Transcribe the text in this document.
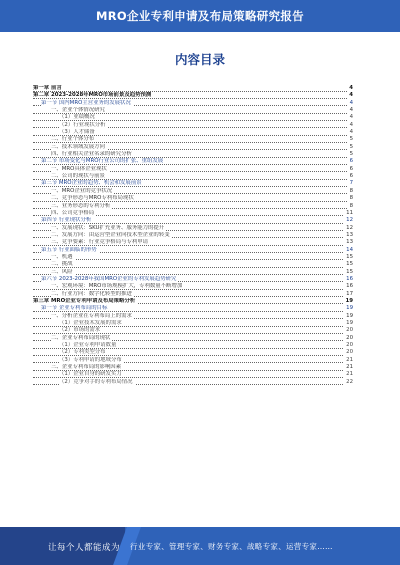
MRO企业专利申请及布局策略研究报告
内容目录
第一章 前言	4
第二章 2023-2028年MRO市场前景及趋势预测	4
第一节 国内MRO主营业务的发展状况	4
一、企业个体情况研究	4
（1）业绩概况	4
（2）行业现状分析	4
（3）人才储备	4
二、行业个体分布	5
三、技术领域发展方向	5
四、行业相关企业名录的研究分析	5
第二节 市场变化与MRO行业公司的扩张、重组发展	6
一、MRO具体企业现状	6
二、公司的现状与前景	6
第三节 MRO企业的趋势、机会和发展前景	7
一、MRO企业的竞争状况	8
二、竞争形态与MRO专利布局现状	8
三、业务形态的专利分析	8
四、公司竞争格局	11
第四节 行业现状分析	12
一、发展现状：SKU扩充业务、服务能力的提升	12
二、发展方向：由运营型企业向技术型企业的转变	13
三、竞争要素：行业竞争格局与专利申请	13
第五节 行业面临的形势	14
一、机遇	15
二、挑战	15
三、风险	15
第六节 2023-2028年我国MRO企业的专利发展趋势研究	16
一、宏观环境：MRO市场规模扩大，专利数量不断增加	16
二、行业方向：数字化转型的推进	17
第三章 MRO企业专利申请及布局策略分析	19
第一节 企业专利布局的目标	19
一、分析企业在专利布局上的需求	19
（1）企业技术发展的需求	19
（2）市场的需求	20
二、企业专利布局的现状	20
（1）企业专利申请数量	20
（2）专利类型分布	20
（3）专利申请的地域分布	21
三、企业专利布局的影响因素	21
（1）企业自身的研发实力	21
（2）竞争对手的专利布局情况	22
让每个人都能成为 行业专家、管理专家、财务专家、战略专家、运营专家……
